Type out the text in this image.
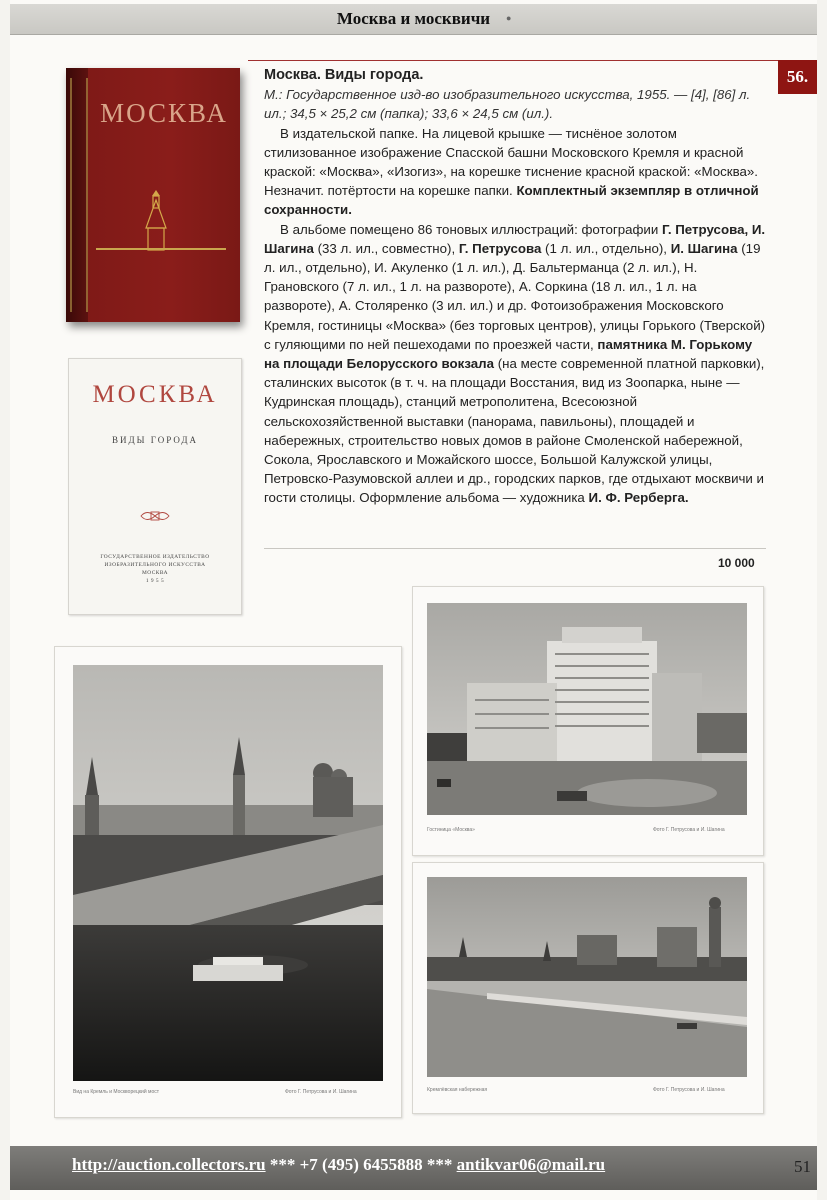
Москва и москвичи	●
56.
МОСКВА
МОСКВА
ВИДЫ ГОРОДА
ГОСУДАРСТВЕННОЕ ИЗДАТЕЛЬСТВО
ИЗОБРАЗИТЕЛЬНОГО ИСКУССТВА
МОСКВА
1 9 5 5

Москва. Виды города.

М.: Государственное изд-во изобразительного искусства, 1955. — [4], [86] л. ил.; 34,5 × 25,2 см (папка); 33,6 × 24,5 см (ил.).

В издательской папке. На лицевой крышке — тиснёное золотом стилизованное изображение Спасской башни Московского Кремля и красной краской: «Москва», «Изогиз», на корешке тиснение красной краской: «Москва». Незначит. потёртости на корешке папки. Комплектный экземпляр в отличной сохранности.

В альбоме помещено 86 тоновых иллюстраций: фотографии Г. Петрусова, И. Шагина (33 л. ил., совместно), Г. Петрусова (1 л. ил., отдельно), И. Шагина (19 л. ил., отдельно), И. Акуленко (1 л. ил.), Д. Бальтерманца (2 л. ил.), Н. Грановского (7 л. ил., 1 л. на развороте), А. Соркина (18 л. ил., 1 л. на развороте), А. Столяренко (3 ил. ил.) и др. Фотоизображения Московского Кремля, гостиницы «Москва» (без торговых центров), улицы Горького (Тверской) с гуляющими по ней пешеходами по проезжей части, памятника М. Горькому на площади Белорусского вокзала (на месте современной платной парковки), сталинских высоток (в т. ч. на площади Восстания, вид из Зоопарка, ныне — Кудринская площадь), станций метрополитена, Всесоюзной сельскохозяйственной выставки (панорама, павильоны), площадей и набережных, строительство новых домов в районе Смоленской набережной, Сокола, Ярославского и Можайского шоссе, Большой Калужской улицы, Петровско-Разумовской аллеи и др., городских парков, где отдыхают москвичи и гости столицы. Оформление альбома — художника И. Ф. Рерберга.

10 000
Вид на Кремль и Москворецкий мост	Фото Г. Петрусова и И. Шагина
Гостиница «Москва»	Фото Г. Петрусова и И. Шагина
Кремлёвская набережная	Фото Г. Петрусова и И. Шагина
http://auction.collectors.ru *** +7 (495) 6455888 *** antikvar06@mail.ru	51
